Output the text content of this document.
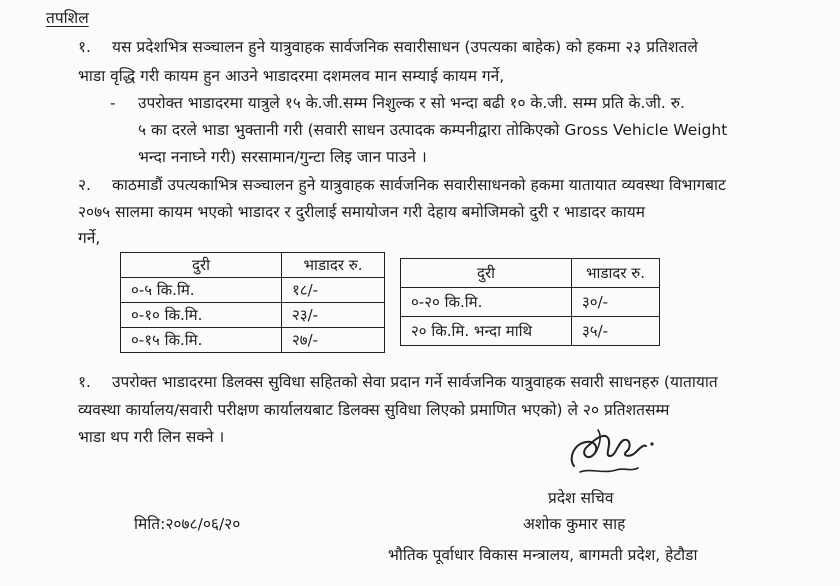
तपशिल
१. यस प्रदेशभित्र सञ्चालन हुने यात्रुवाहक सार्वजनिक सवारीसाधन (उपत्यका बाहेक) को हकमा २३ प्रतिशतले
भाडा वृद्धि गरी कायम हुन आउने भाडादरमा दशमलव मान सम्याई कायम गर्ने,
- उपरोक्त भाडादरमा यात्रुले १५ के.जी.सम्म निशुल्क र सो भन्दा बढी १० के.जी. सम्म प्रति के.जी. रु.
५ का दरले भाडा भुक्तानी गरी (सवारी साधन उत्पादक कम्पनीद्वारा तोकिएको Gross Vehicle Weight
भन्दा ननाघ्ने गरी) सरसामान/गुन्टा लिइ जान पाउने ।
२. काठमाडौं उपत्यकाभित्र सञ्चालन हुने यात्रुवाहक सार्वजनिक सवारीसाधनको हकमा यातायात व्यवस्था विभागबाट
२०७५ सालमा कायम भएको भाडादर र दुरीलाई समायोजन गरी देहाय बमोजिमको दुरी र भाडादर कायम
गर्ने,
दुरी	भाडादर रु.
०-५ कि.मि.	१८/-
०-१० कि.मि.	२३/-
०-१५ कि.मि.	२७/-
दुरी	भाडादर रु.
०-२० कि.मि.	३०/-
२० कि.मि. भन्दा माथि	३५/-
१. उपरोक्त भाडादरमा डिलक्स सुविधा सहितको सेवा प्रदान गर्ने सार्वजनिक यात्रुवाहक सवारी साधनहरु (यातायात
व्यवस्था कार्यालय/सवारी परीक्षण कार्यालयबाट डिलक्स सुविधा लिएको प्रमाणित भएको) ले २० प्रतिशतसम्म
भाडा थप गरी लिन सक्ने ।
प्रदेश सचिव
मिति:२०७८/०६/२०	अशोक कुमार साह
भौतिक पूर्वाधार विकास मन्त्रालय, बागमती प्रदेश, हेटौडा
